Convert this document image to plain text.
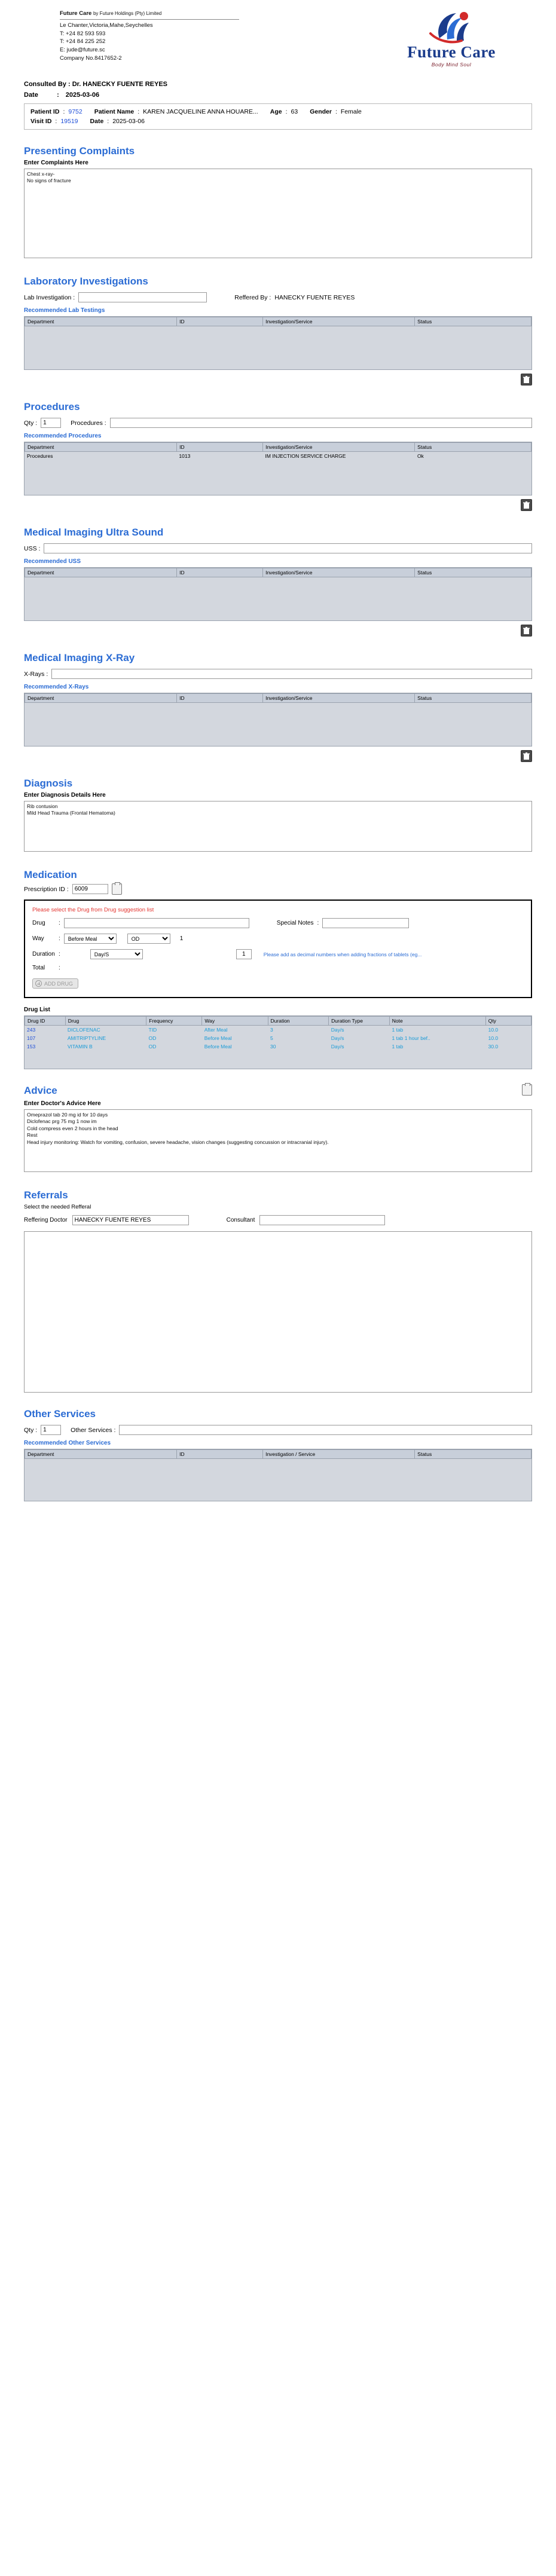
Future Care by Future Holdings (Pty) Limited
Le Chanter,Victoria,Mahe,Seychelles
T: +24 82 593 593
T: +24 84 225 252
E: jude@future.sc
Company No.8417652-2	Future Care
Body Mind Soul
Consulted By : Dr. HANECKY FUENTE REYES
Date	: 2025-03-06
Patient ID : 9752 Patient Name : KAREN JACQUELINE ANNA HOUARE... Age : 63 Gender : Female
Visit ID : 19519 Date : 2025-03-06
Presenting Complaints
Enter Complaints Here
Chest x-ray- No signs of fracture
Laboratory Investigations
Lab Investigation :	Reffered By : HANECKY FUENTE REYES
Recommended Lab Testings
Department	ID	Investigation/Service	Status
Procedures
Qty :
1	Procedures :
Recommended Procedures
Department	ID	Investigation/Service	Status
Procedures	1013	IM INJECTION SERVICE CHARGE	Ok
Medical Imaging Ultra Sound
USS :
Recommended USS
Department	ID	Investigation/Service	Status
Medical Imaging X-Ray
X-Rays :
Recommended X-Rays
Department	ID	Investigation/Service	Status
Diagnosis
Enter Diagnosis Details Here
Rib contusion Mild Head Trauma (Frontal Hematoma)
Medication
Prescription ID :
6009
Please select the Drug from Drug suggestion list
Drug	:	Special Notes :
Way	:
Before Meal
OD	1
Duration :
Day/S
1	Please add as decimal numbers when adding fractions of tablets (eg...
Total	:
ADD DRUG
Drug List
Drug ID	Drug	Frequency	Way	Duration	Duration Type	Note	Qty
243	DICLOFENAC	TID	After Meal	3	Day/s	1 tab	10.0
107	AMITRIPTYLINE	OD	Before Meal	5	Day/s	1 tab 1 hour bef..	10.0
153	VITAMIN B	OD	Before Meal	30	Day/s	1 tab	30.0
Advice
Enter Doctor's Advice Here
Omeprazol tab 20 mg id for 10 days Diclofenac prg 75 mg 1 now im Cold compress even 2 hours in the head Rest Head injury monitoring: Watch for vomiting, confusion, severe headache, vision changes (suggesting concussion or intracranial injury).
Referrals
Select the needed Refferal
Reffering Doctor
HANECKY FUENTE REYES	Consultant
Other Services
Qty :
1	Other Services :
Recommended Other Services
Department	ID	Investigation / Service	Status
